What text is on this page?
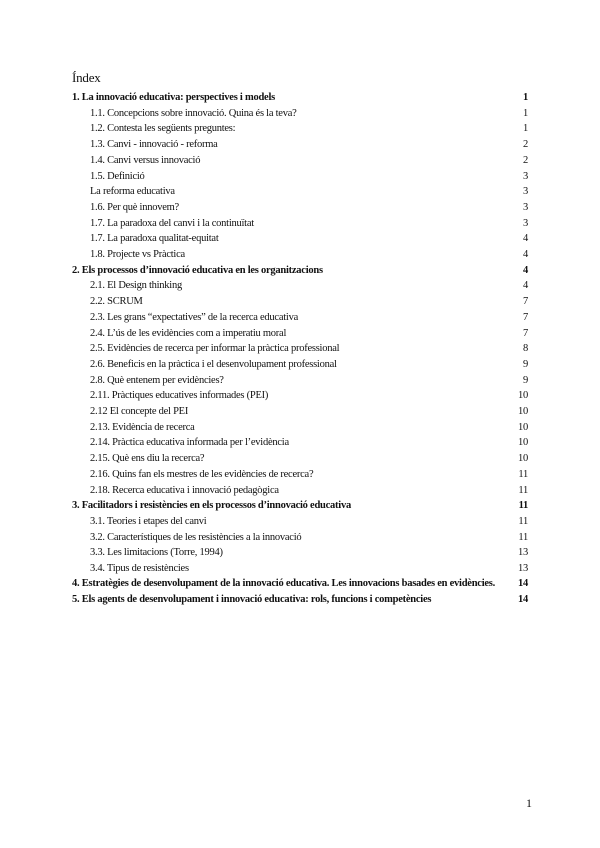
Índex
1. La innovació educativa: perspectives i models	1
1.1. Concepcions sobre innovació. Quina és la teva?	1
1.2. Contesta les següents preguntes:	1
1.3. Canvi - innovació - reforma	2
1.4. Canvi versus innovació	2
1.5. Definició	3
La reforma educativa	3
1.6. Per què innovem?	3
1.7. La paradoxa del canvi i la continuïtat	3
1.7. La paradoxa qualitat-equitat	4
1.8. Projecte vs Pràctica	4
2. Els processos d’innovació educativa en les organitzacions	4
2.1. El Design thinking	4
2.2. SCRUM	7
2.3. Les grans “expectatives” de la recerca educativa	7
2.4. L’ús de les evidències com a imperatiu moral	7
2.5. Evidències de recerca per informar la pràctica professional	8
2.6. Beneficis en la pràctica i el desenvolupament professional	9
2.8. Què entenem per evidències?	9
2.11. Pràctiques educatives informades (PEI)	10
2.12 El concepte del PEI	10
2.13. Evidència de recerca	10
2.14. Pràctica educativa informada per l’evidència	10
2.15. Què ens diu la recerca?	10
2.16. Quins fan els mestres de les evidències de recerca?	11
2.18. Recerca educativa i innovació pedagògica	11
3. Facilitadors i resistències en els processos d’innovació educativa	11
3.1. Teories i etapes del canvi	11
3.2. Característiques de les resistències a la innovació	11
3.3. Les limitacions (Torre, 1994)	13
3.4. Tipus de resistències	13
4. Estratègies de desenvolupament de la innovació educativa. Les innovacions basades en evidències.	14
5. Els agents de desenvolupament i innovació educativa: rols, funcions i competències	14
1
